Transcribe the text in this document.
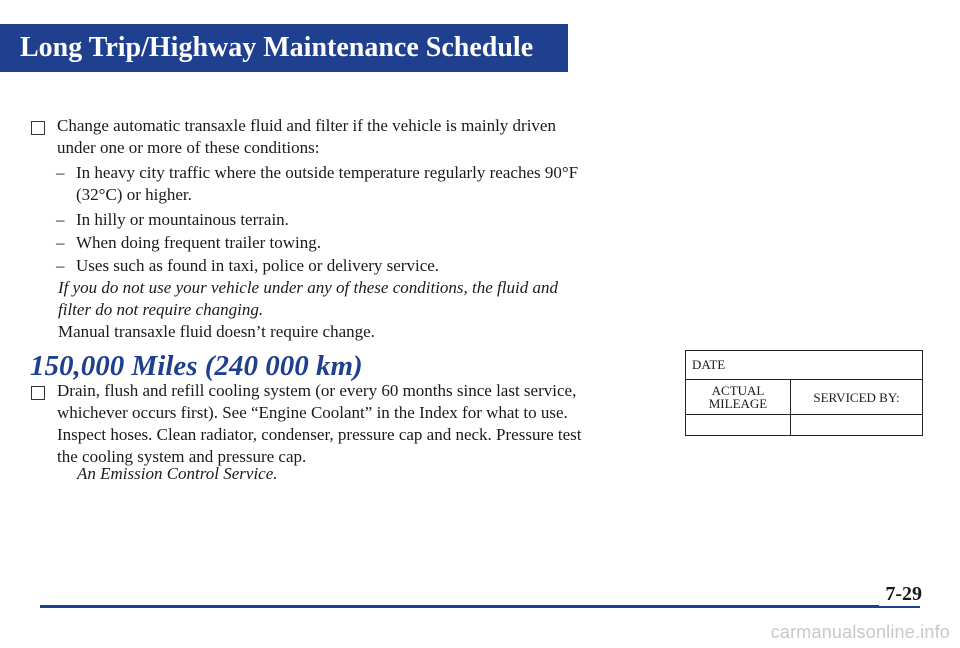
Long Trip/Highway Maintenance Schedule
Change automatic transaxle fluid and filter if the vehicle is mainly driven
under one or more of these conditions:
– In heavy city traffic where the outside temperature regularly reaches 90°F
(32°C) or higher.
– In hilly or mountainous terrain.
– When doing frequent trailer towing.
– Uses such as found in taxi, police or delivery service.
If you do not use your vehicle under any of these conditions, the fluid and
filter do not require changing.
Manual transaxle fluid doesn’t require change.
150,000 Miles (240 000 km)
Drain, flush and refill cooling system (or every 60 months since last service,
whichever occurs first). See “Engine Coolant” in the Index for what to use.
Inspect hoses. Clean radiator, condenser, pressure cap and neck. Pressure test
the cooling system and pressure cap.
An Emission Control Service.
DATE	
ACTUAL
MILEAGE	SERVICED BY:

7-29
carmanualsonline.info
